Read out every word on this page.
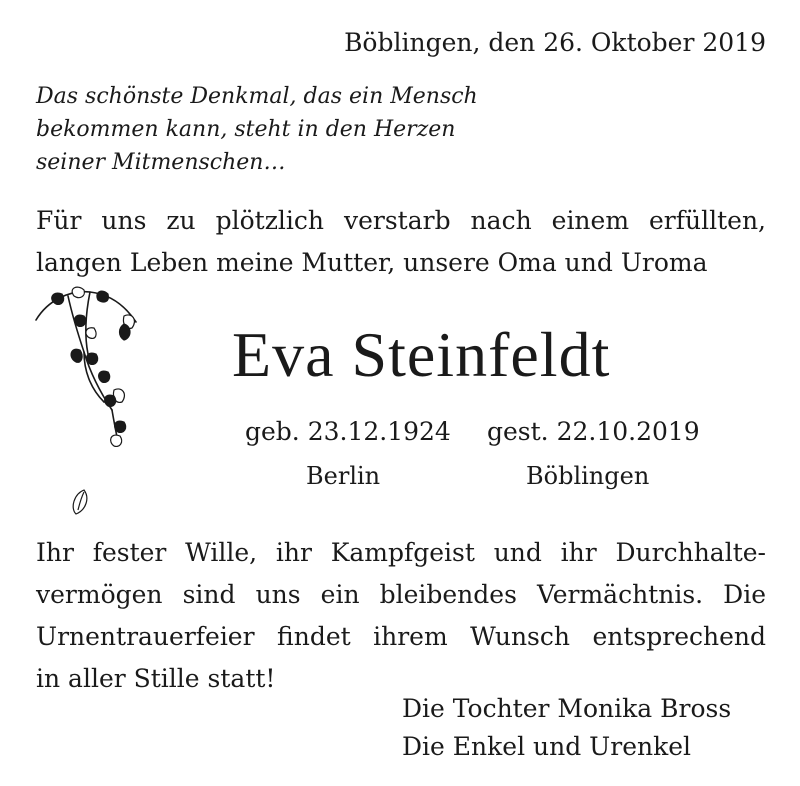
Böblingen, den 26. Oktober 2019
Das schönste Denkmal, das ein Mensch
bekommen kann, steht in den Herzen
seiner Mitmenschen…
Für uns zu plötzlich verstarb nach einem erfüllten,
langen Leben meine Mutter, unsere Oma und Uroma
Eva Steinfeldt
geb. 23.12.1924 gest. 22.10.2019
Berlin	Böblingen
Ihr fester Wille, ihr Kampfgeist und ihr Durchhalte-
vermögen sind uns ein bleibendes Vermächtnis. Die
Urnentrauerfeier findet ihrem Wunsch entsprechend
in aller Stille statt!
Die Tochter Monika Bross
Die Enkel und Urenkel
